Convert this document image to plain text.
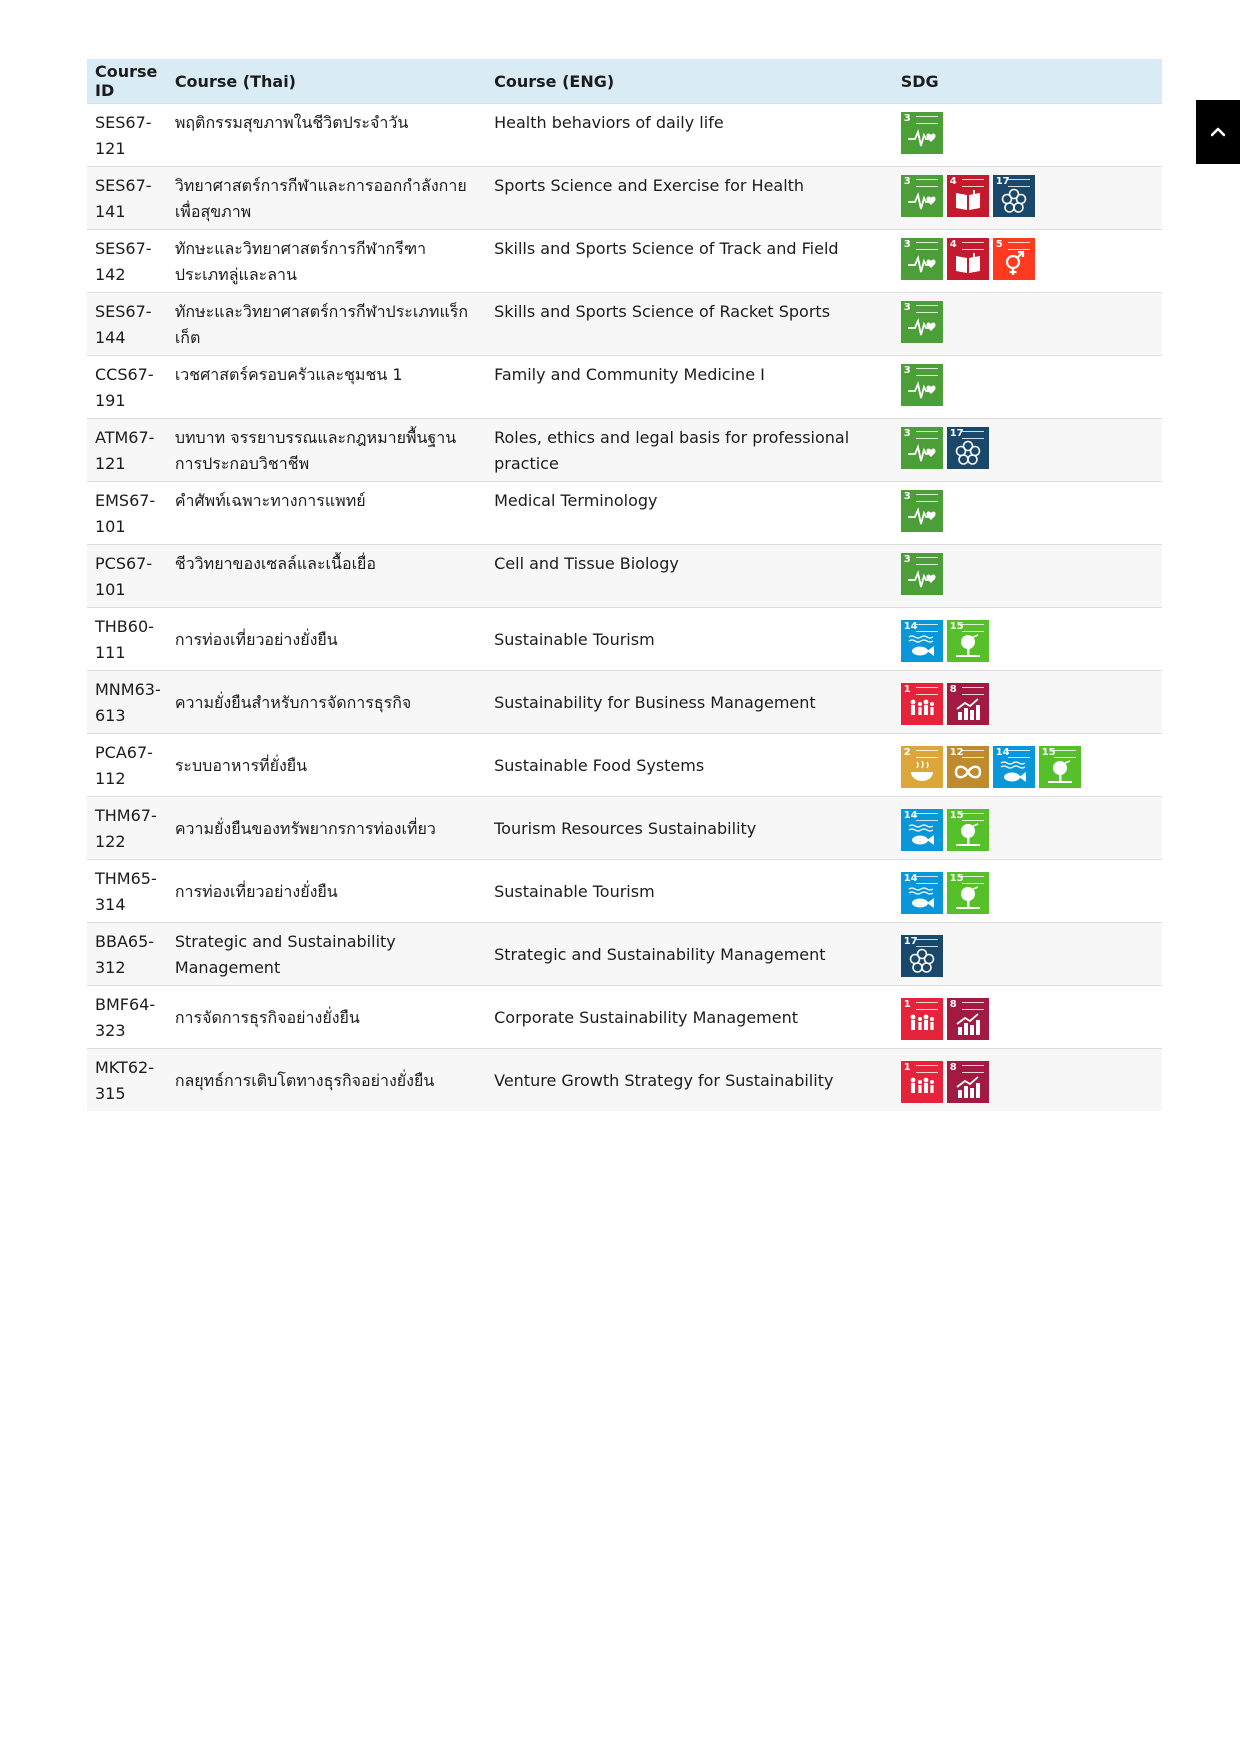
Course ID	Course (Thai)	Course (ENG)	SDG
SES67-121	พฤติกรรมสุขภาพในชีวิตประจำวัน	Health behaviors of daily life	3

SES67-141	วิทยาศาสตร์การกีฬาและการออกกำลังกายเพื่อสุขภาพ	Sports Science and Exercise for Health	3 4 17

SES67-142	ทักษะและวิทยาศาสตร์การกีฬากรีฑาประเภทลู่และลาน	Skills and Sports Science of Track and Field	3 4 5

SES67-144	ทักษะและวิทยาศาสตร์การกีฬาประเภทแร็กเก็ต	Skills and Sports Science of Racket Sports	3

CCS67-191	เวชศาสตร์ครอบครัวและชุมชน 1	Family and Community Medicine I	3

ATM67-121	บทบาท จรรยาบรรณและกฎหมายพื้นฐานการประกอบวิชาชีพ	Roles, ethics and legal basis for professional practice	3 17

EMS67-101	คำศัพท์เฉพาะทางการแพทย์	Medical Terminology	3

PCS67-101	ชีววิทยาของเซลล์และเนื้อเยื่อ	Cell and Tissue Biology	3

THB60-111	การท่องเที่ยวอย่างยั่งยืน	Sustainable Tourism	14 15

MNM63-613	ความยั่งยืนสำหรับการจัดการธุรกิจ	Sustainability for Business Management	1 8

PCA67-112	ระบบอาหารที่ยั่งยืน	Sustainable Food Systems	2 12 14 15

THM67-122	ความยั่งยืนของทรัพยากรการท่องเที่ยว	Tourism Resources Sustainability	14 15

THM65-314	การท่องเที่ยวอย่างยั่งยืน	Sustainable Tourism	14 15

BBA65-312	Strategic and Sustainability Management	Strategic and Sustainability Management	17

BMF64-323	การจัดการธุรกิจอย่างยั่งยืน	Corporate Sustainability Management	1 8

MKT62-315	กลยุทธ์การเติบโตทางธุรกิจอย่างยั่งยืน	Venture Growth Strategy for Sustainability	1 8
